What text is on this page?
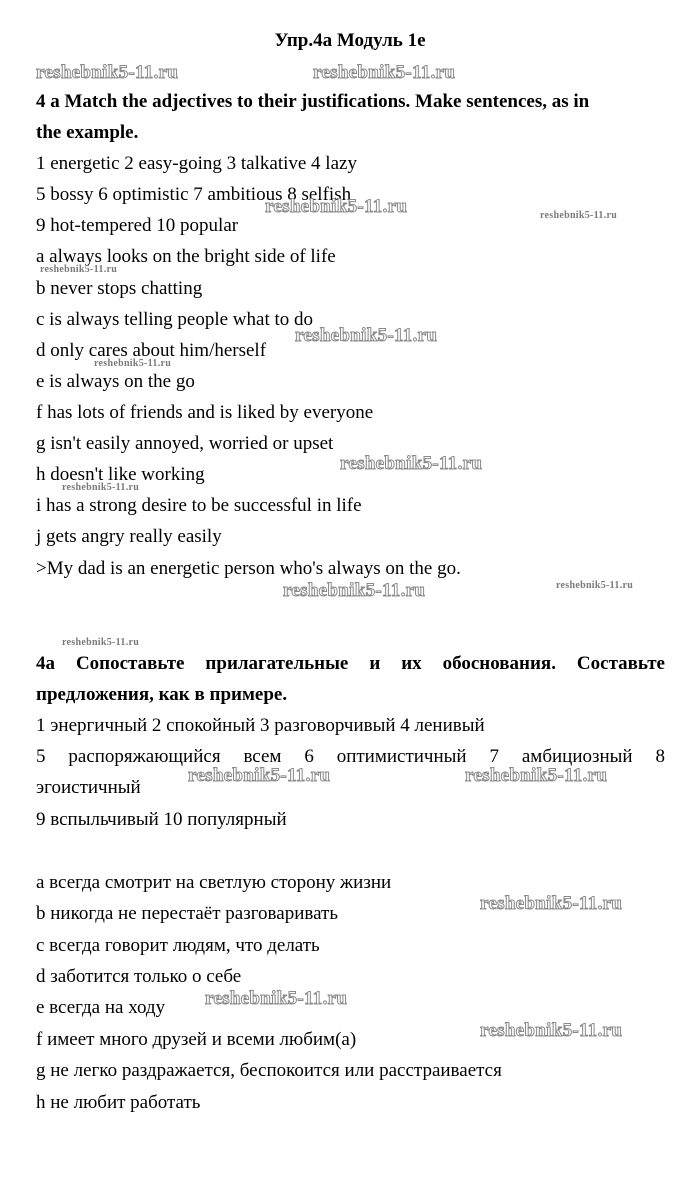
Упр.4а Модуль 1е
4 a Match the adjectives to their justifications. Make sentences, as in
the example.
1 energetic 2 easy-going 3 talkative 4 lazy
5 bossy 6 optimistic 7 ambitious 8 selfish
9 hot-tempered 10 popular
a always looks on the bright side of life
b never stops chatting
c is always telling people what to do
d only cares about him/herself
e is always on the go
f has lots of friends and is liked by everyone
g isn't easily annoyed, worried or upset
h doesn't like working
i has a strong desire to be successful in life
j gets angry really easily
>My dad is an energetic person who's always on the go.
4а Сопоставьте прилагательные и их обоснования. Составьте
предложения, как в примере.
1 энергичный 2 спокойный 3 разговорчивый 4 ленивый
5 распоряжающийся всем 6 оптимистичный 7 амбициозный 8
эгоистичный
9 вспыльчивый 10 популярный
a всегда смотрит на светлую сторону жизни
b никогда не перестаёт разговаривать
c всегда говорит людям, что делать
d заботится только о себе
e всегда на ходу
f имеет много друзей и всеми любим(а)
g не легко раздражается, беспокоится или расстраивается
h не любит работать
reshebnik5-11.ru	reshebnik5-11.ru
reshebnik5-11.ru	reshebnik5-11.ru
reshebnik5-11.ru
reshebnik5-11.ru
reshebnik5-11.ru
reshebnik5-11.ru
reshebnik5-11.ru
reshebnik5-11.ru
reshebnik5-11.ru
reshebnik5-11.ru
reshebnik5-11.ru	reshebnik5-11.ru
reshebnik5-11.ru
reshebnik5-11.ru
reshebnik5-11.ru
